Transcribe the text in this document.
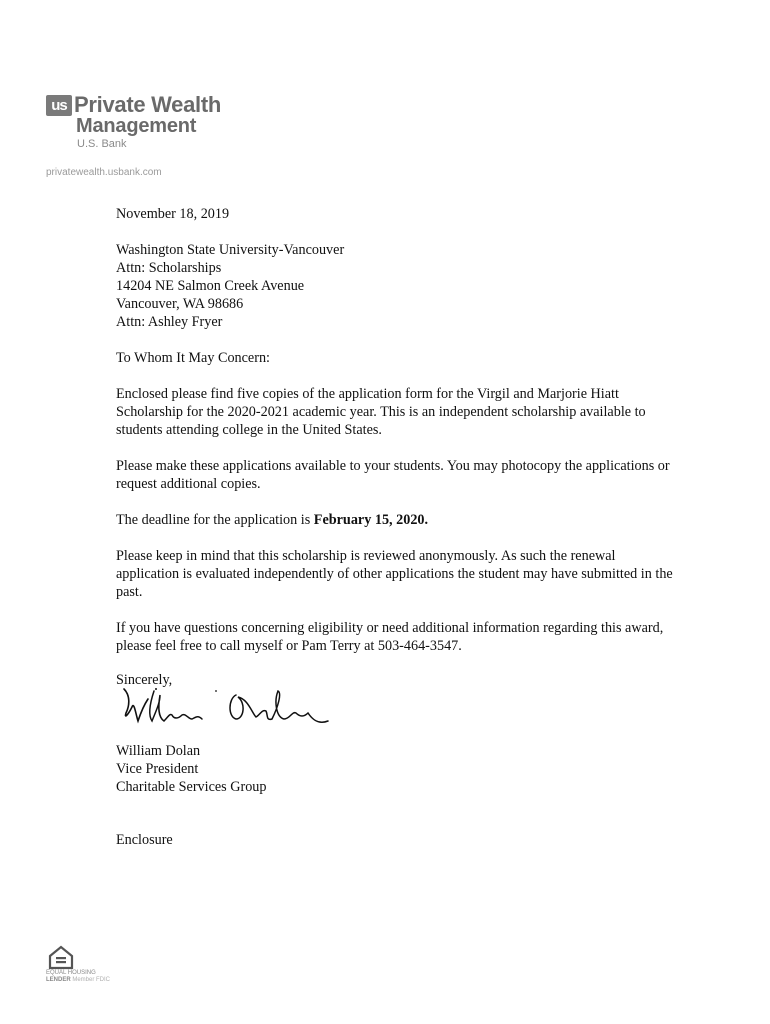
us Private Wealth
Management
U.S. Bank
privatewealth.usbank.com

November 18, 2019

Washington State University-Vancouver
Attn: Scholarships
14204 NE Salmon Creek Avenue
Vancouver, WA 98686
Attn: Ashley Fryer

To Whom It May Concern:

Enclosed please find five copies of the application form for the Virgil and Marjorie Hiatt Scholarship for the 2020-2021 academic year. This is an independent scholarship available to students attending college in the United States.

Please make these applications available to your students. You may photocopy the applications or request additional copies.

The deadline for the application is February 15, 2020.

Please keep in mind that this scholarship is reviewed anonymously. As such the renewal application is evaluated independently of other applications the student may have submitted in the past.

If you have questions concerning eligibility or need additional information regarding this award, please feel free to call myself or Pam Terry at 503-464-3547.

Sincerely,
William Dolan
Vice President
Charitable Services Group
Enclosure
EQUAL HOUSING
LENDER Member FDIC
